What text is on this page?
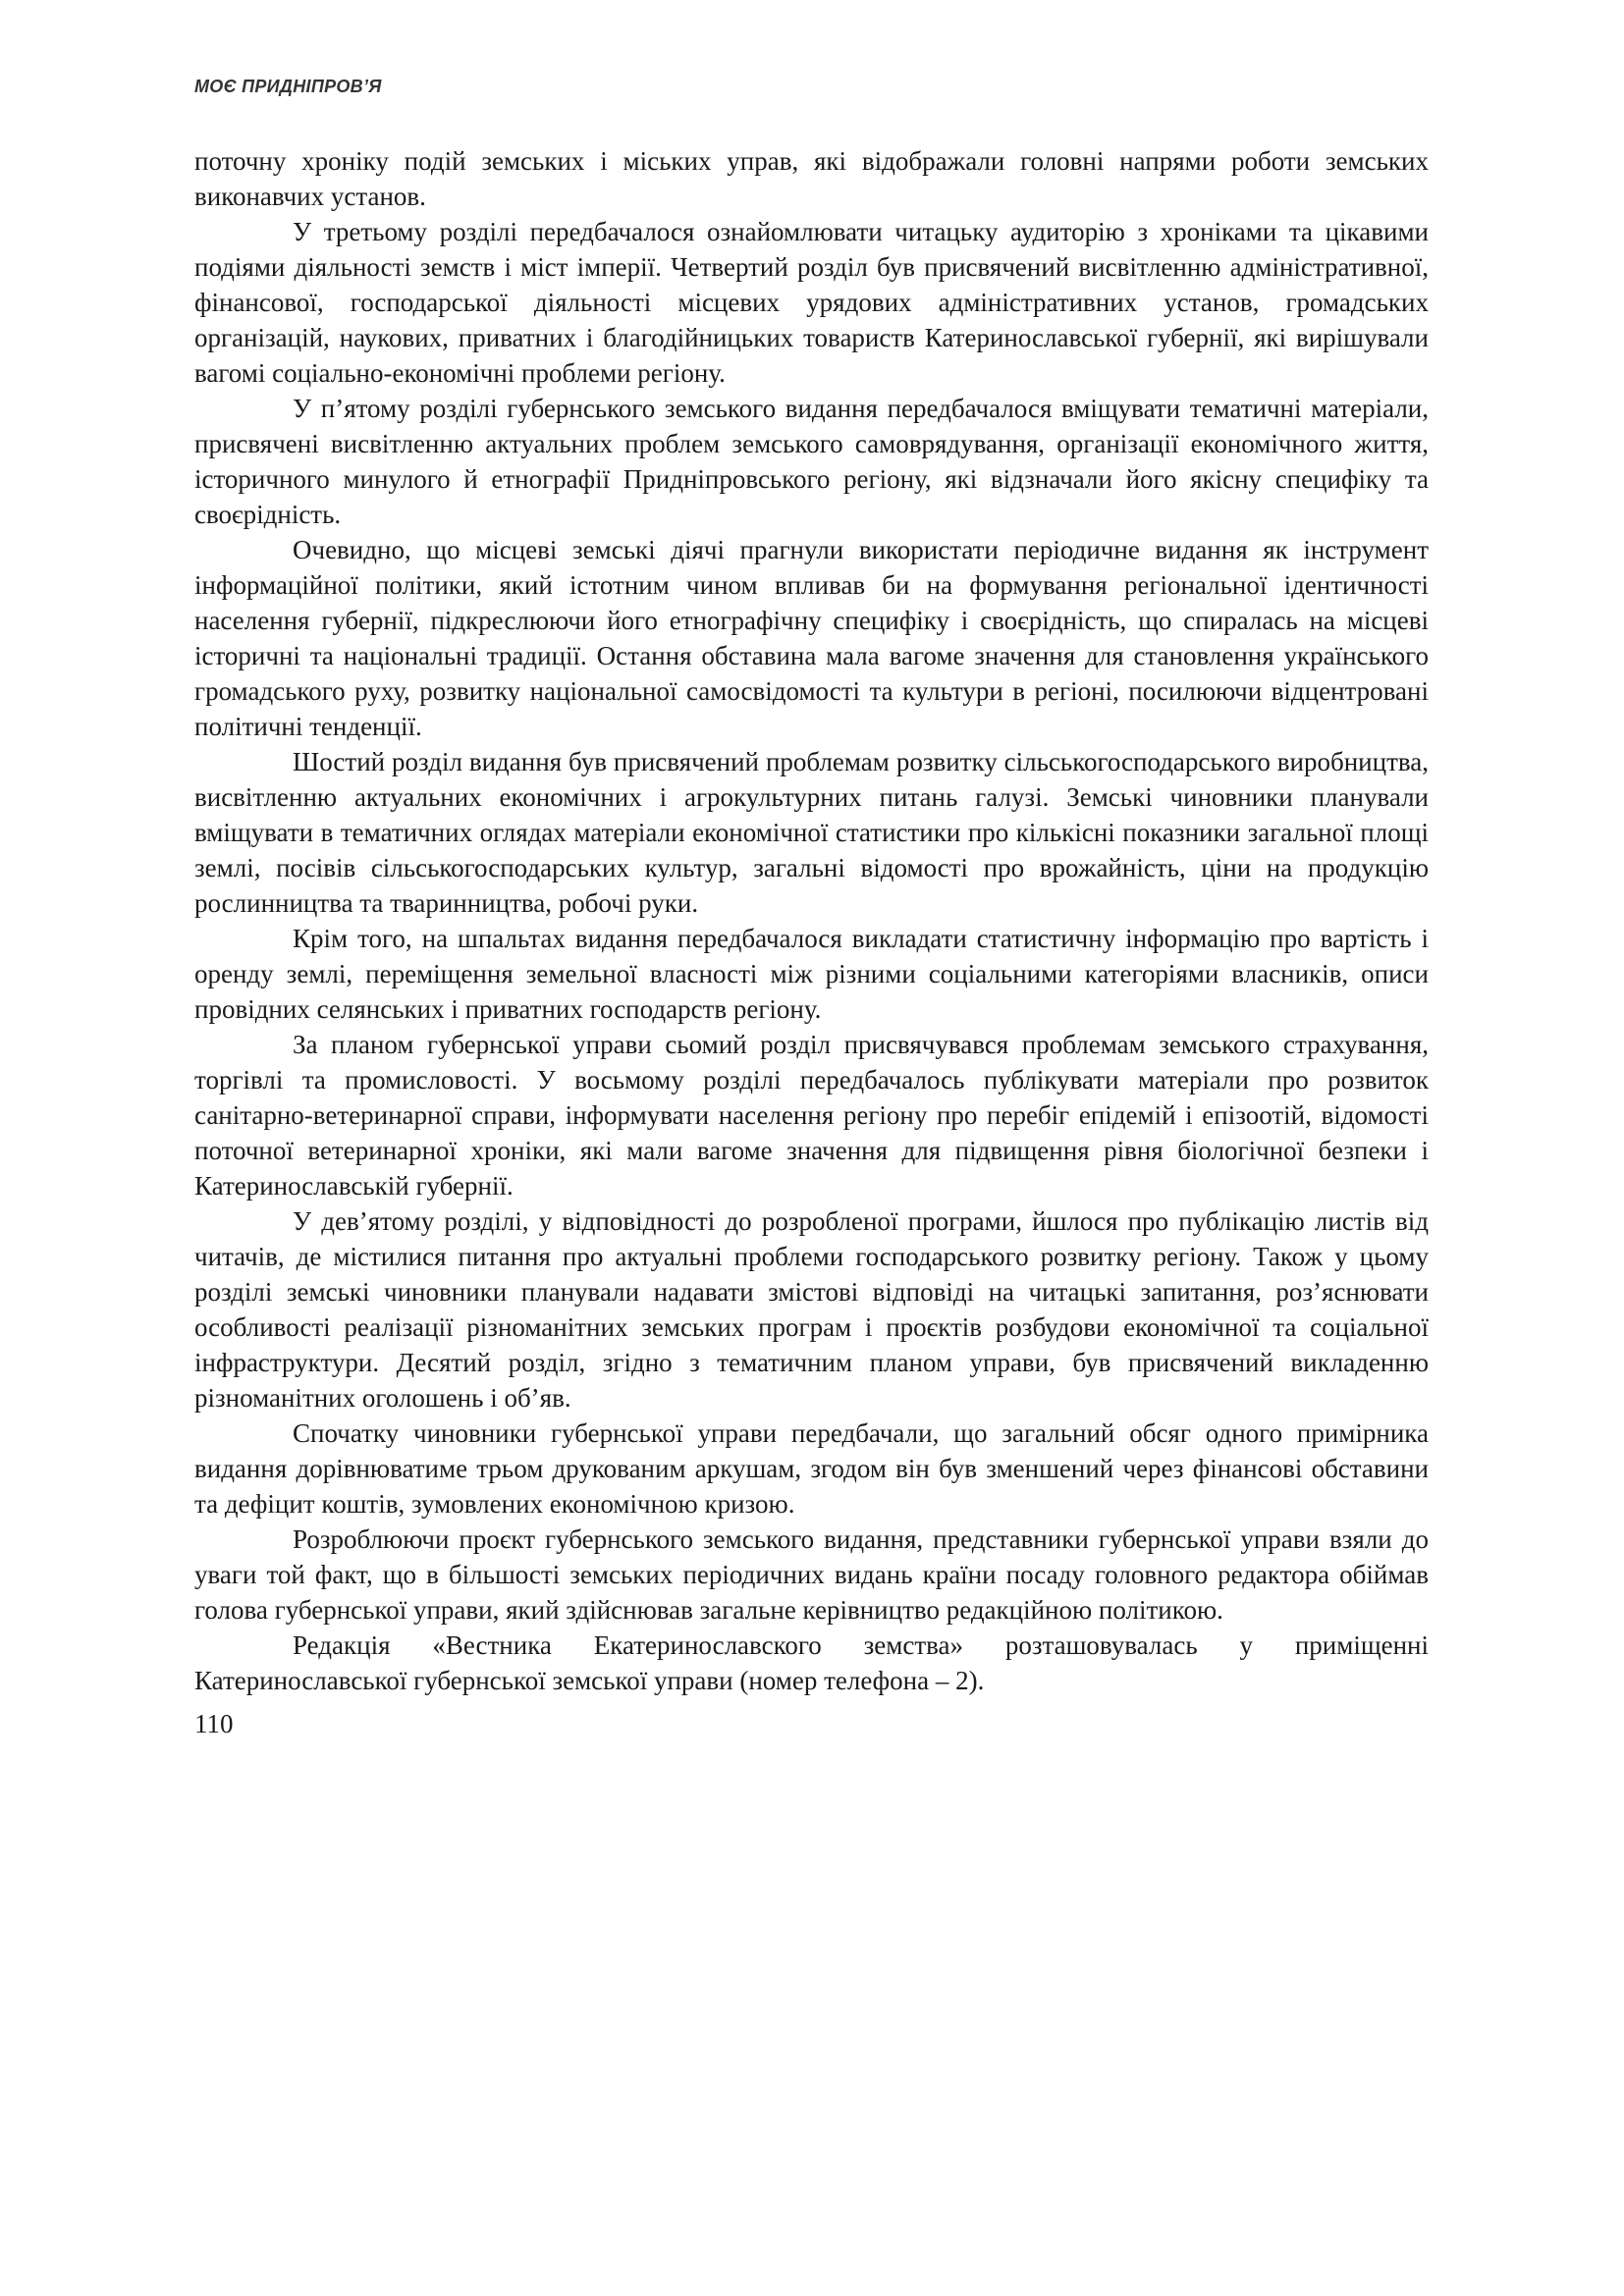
МОЄ ПРИДНІПРОВ’Я

поточну хроніку подій земських і міських управ, які відображали головні напрями роботи земських виконавчих установ.

У третьому розділі передбачалося ознайомлювати читацьку аудиторію з хроніками та цікавими подіями діяльності земств і міст імперії. Четвертий розділ був присвячений висвітленню адміністративної, фінансової, господарської діяльності місцевих урядових адміністративних установ, громадських організацій, наукових, приватних і благодійницьких товариств Катеринославської губернії, які вирішували вагомі соціально-економічні проблеми регіону.

У п’ятому розділі губернського земського видання передбачалося вміщувати тематичні матеріали, присвячені висвітленню актуальних проблем земського самоврядування, організації економічного життя, історичного минулого й етнографії Придніпровського регіону, які відзначали його якісну специфіку та своєрідність.

Очевидно, що місцеві земські діячі прагнули використати періодичне видання як інструмент інформаційної політики, який істотним чином впливав би на формування регіональної ідентичності населення губернії, підкреслюючи його етнографічну специфіку і своєрідність, що спиралась на місцеві історичні та національні традиції. Остання обставина мала вагоме значення для становлення українського громадського руху, розвитку національної самосвідомості та культури в регіоні, посилюючи відцентровані політичні тенденції.

Шостий розділ видання був присвячений проблемам розвитку сільськогосподарського виробництва, висвітленню актуальних економічних і агрокультурних питань галузі. Земські чиновники планували вміщувати в тематичних оглядах матеріали економічної статистики про кількісні показники загальної площі землі, посівів сільськогосподарських культур, загальні відомості про врожайність, ціни на продукцію рослинництва та тваринництва, робочі руки.

Крім того, на шпальтах видання передбачалося викладати статистичну інформацію про вартість і оренду землі, переміщення земельної власності між різними соціальними категоріями власників, описи провідних селянських і приватних господарств регіону.

За планом губернської управи сьомий розділ присвячувався проблемам земського страхування, торгівлі та промисловості. У восьмому розділі передбачалось публікувати матеріали про розвиток санітарно-ветеринарної справи, інформувати населення регіону про перебіг епідемій і епізоотій, відомості поточної ветеринарної хроніки, які мали вагоме значення для підвищення рівня біологічної безпеки і Катеринославській губернії.

У дев’ятому розділі, у відповідності до розробленої програми, йшлося про публікацію листів від читачів, де містилися питання про актуальні проблеми господарського розвитку регіону. Також у цьому розділі земські чиновники планували надавати змістові відповіді на читацькі запитання, роз’яснювати особливості реалізації різноманітних земських програм і проєктів розбудови економічної та соціальної інфраструктури. Десятий розділ, згідно з тематичним планом управи, був присвячений викладенню різноманітних оголошень і об’яв.

Спочатку чиновники губернської управи передбачали, що загальний обсяг одного примірника видання дорівнюватиме трьом друкованим аркушам, згодом він був зменшений через фінансові обставини та дефіцит коштів, зумовлених економічною кризою.

Розроблюючи проєкт губернського земського видання, представники губернської управи взяли до уваги той факт, що в більшості земських періодичних видань країни посаду головного редактора обіймав голова губернської управи, який здійснював загальне керівництво редакційною політикою.

Редакція «Вестника Екатеринославского земства» розташовувалась у приміщенні Катеринославської губернської земської управи (номер телефона – 2).

110
